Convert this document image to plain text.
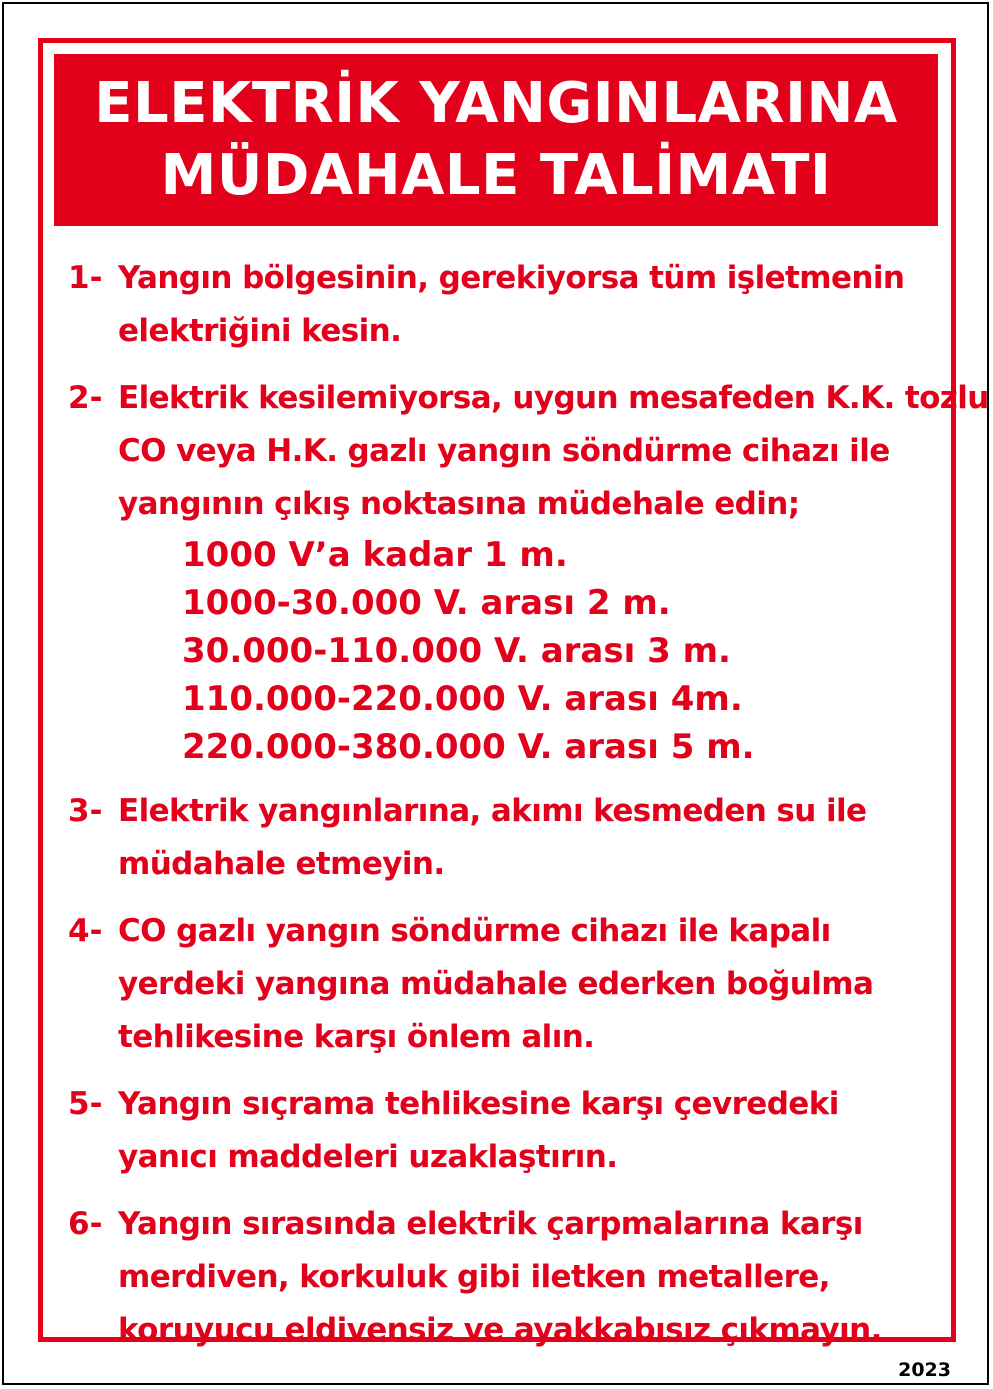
ELEKTRİK YANGINLARINA
MÜDAHALE TALİMATI
1- Yangın bölgesinin, gerekiyorsa tüm işletmenin
elektriğini kesin.
2- Elektrik kesilemiyorsa, uygun mesafeden K.K. tozlu
CO veya H.K. gazlı yangın söndürme cihazı ile
yangının çıkış noktasına müdehale edin;
1000 V’a kadar 1 m.
1000-30.000 V. arası 2 m.
30.000-110.000 V. arası 3 m.
110.000-220.000 V. arası 4m.
220.000-380.000 V. arası 5 m.
3- Elektrik yangınlarına, akımı kesmeden su ile
müdahale etmeyin.
4- CO gazlı yangın söndürme cihazı ile kapalı
yerdeki yangına müdahale ederken boğulma
tehlikesine karşı önlem alın.
5- Yangın sıçrama tehlikesine karşı çevredeki
yanıcı maddeleri uzaklaştırın.
6- Yangın sırasında elektrik çarpmalarına karşı
merdiven, korkuluk gibi iletken metallere,
koruyucu eldivensiz ve ayakkabısız çıkmayın.
2023
